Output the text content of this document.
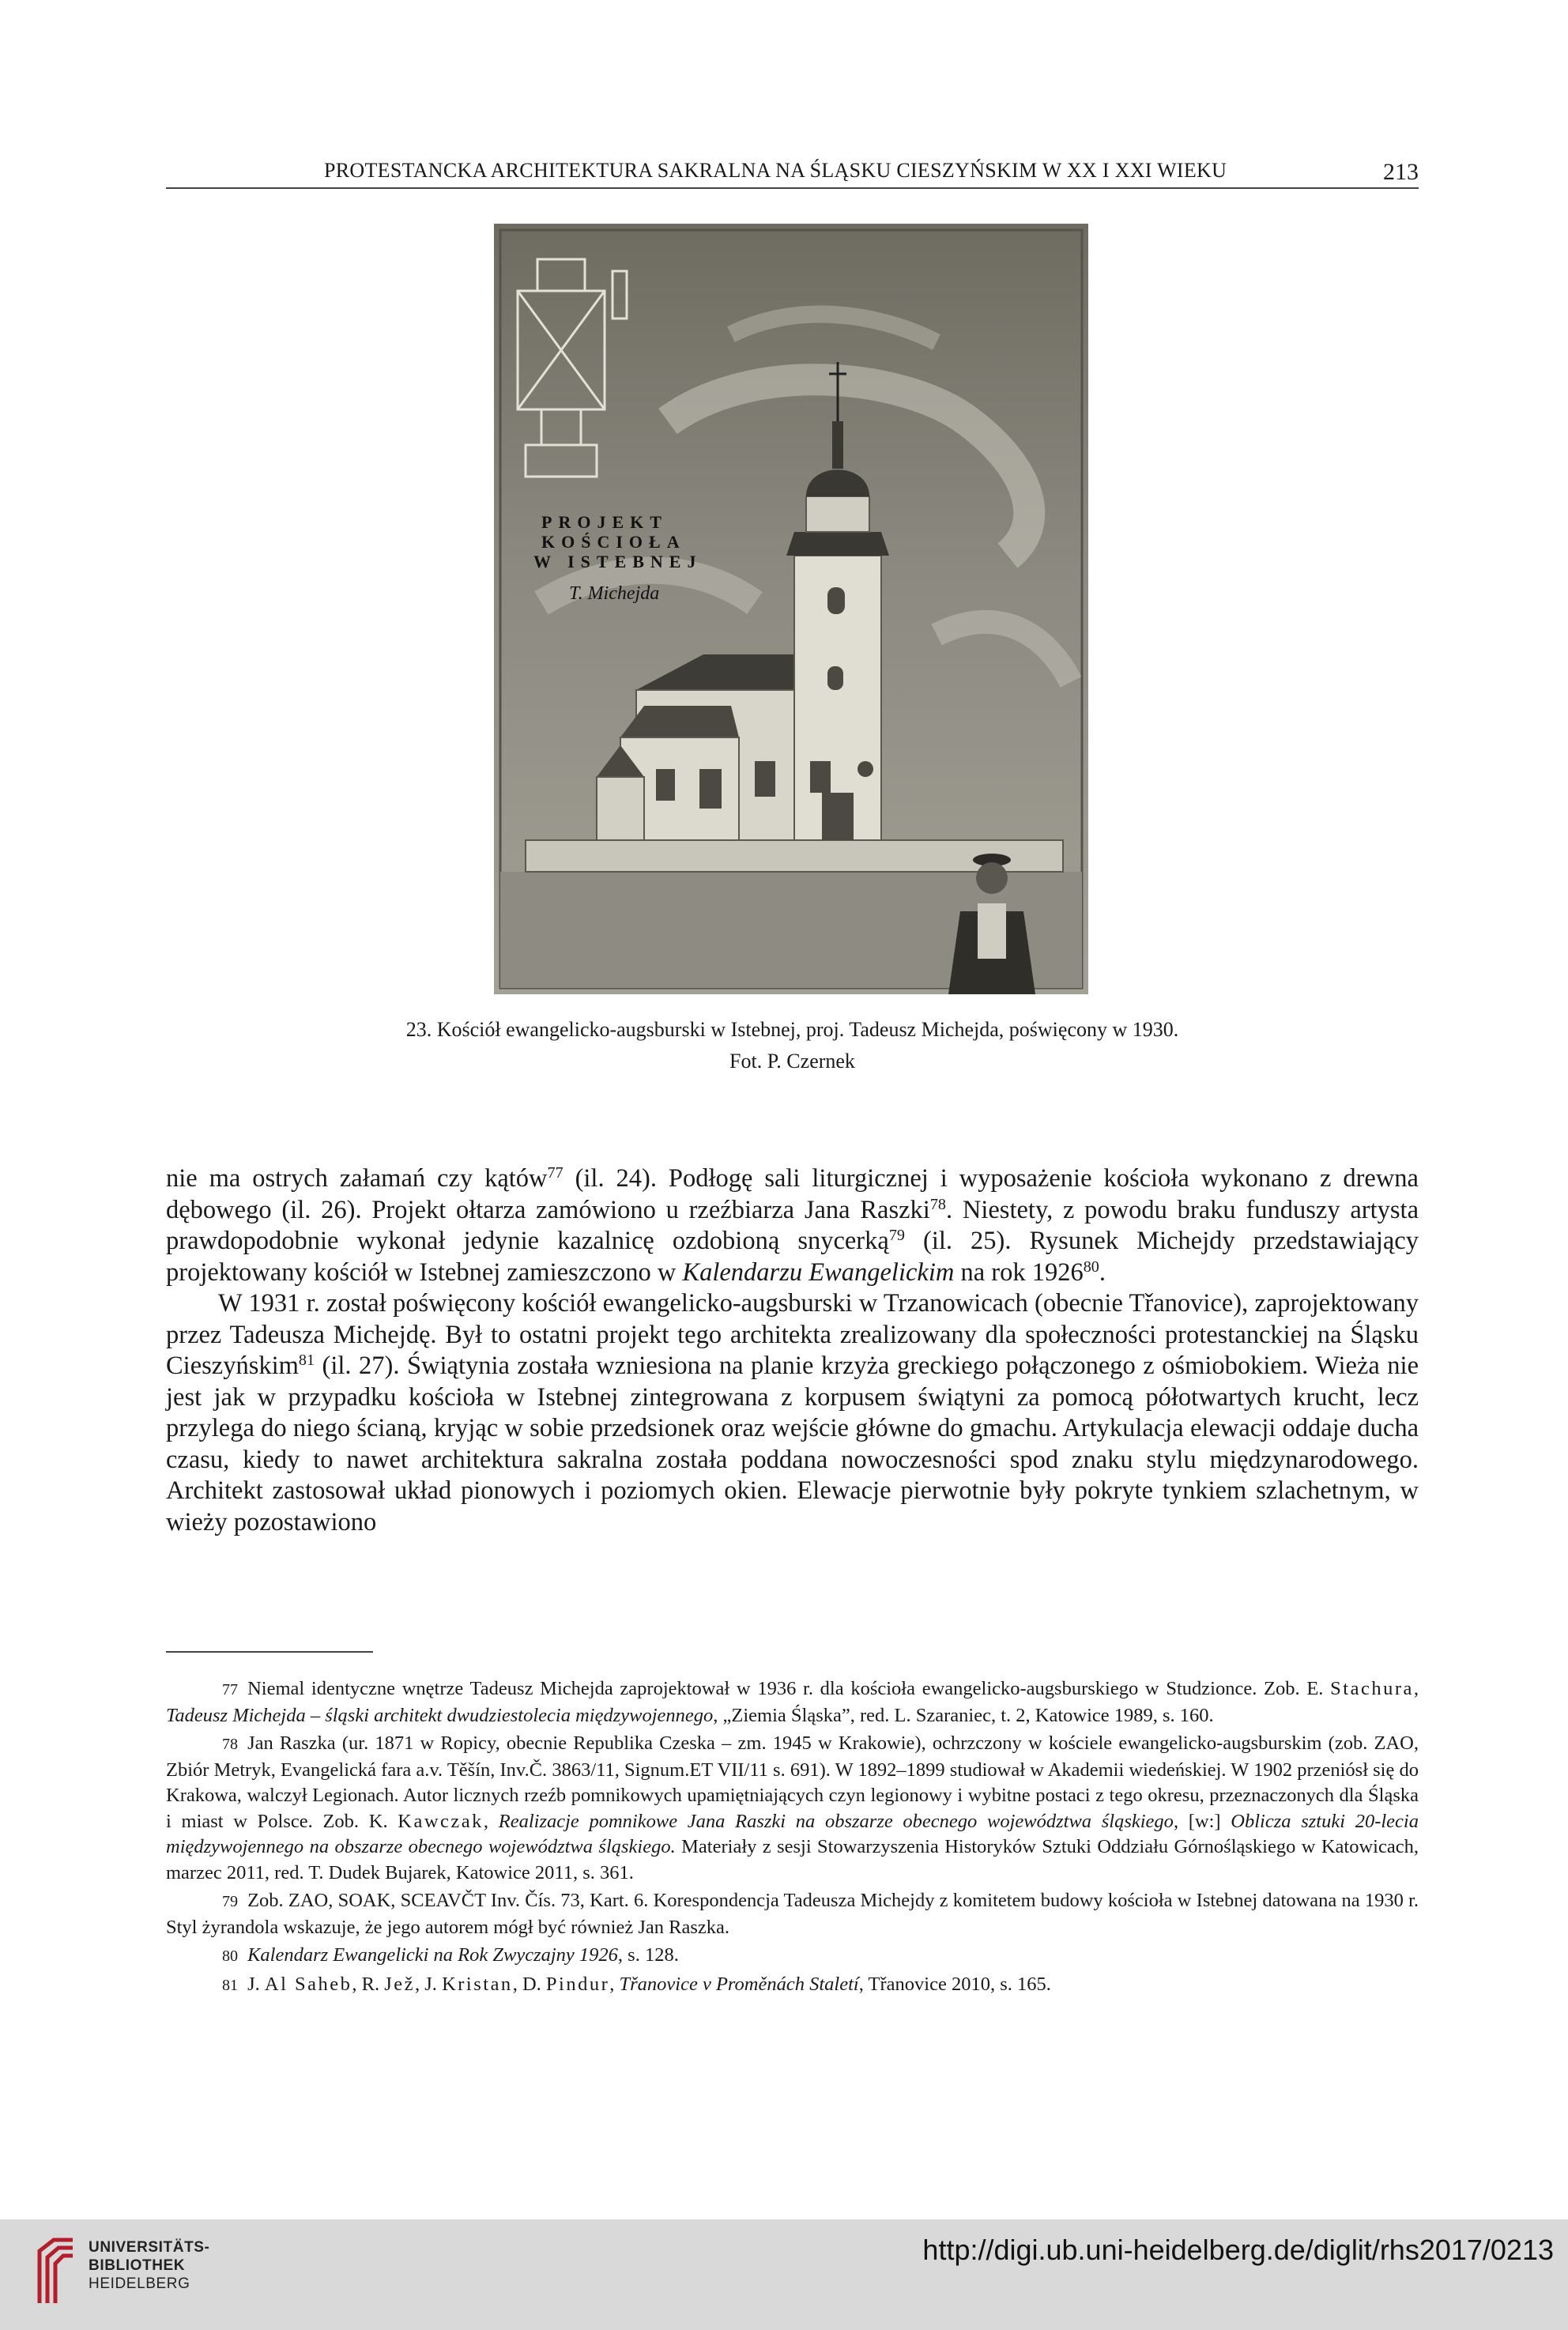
PROTESTANCKA ARCHITEKTURA SAKRALNA NA ŚLĄSKU CIESZYŃSKIM W XX I XXI WIEKU	213
PROJEKT
KOŚCIOŁA
W ISTEBNEJ
T. Michejda
23. Kościół ewangelicko-augsburski w Istebnej, proj. Tadeusz Michejda, poświęcony w 1930.
Fot. P. Czernek

nie ma ostrych załamań czy kątów$^{77}$ (il. 24). Podłogę sali liturgicznej i wyposażenie kościoła wykonano z drewna dębowego (il. 26). Projekt ołtarza zamówiono u rzeźbiarza Jana Raszki$^{78}$. Niestety, z powodu braku funduszy artysta prawdopodobnie wykonał jedynie kazalnicę ozdobioną snycerką$^{79}$ (il. 25). Rysunek Michejdy przedstawiający projektowany kościół w Istebnej zamieszczono w Kalendarzu Ewangelickim na rok 1926$^{80}$.

W 1931 r. został poświęcony kościół ewangelicko-augsburski w Trzanowicach (obecnie Třanovice), zaprojektowany przez Tadeusza Michejdę. Był to ostatni projekt tego architekta zrealizowany dla społeczności protestanckiej na Śląsku Cieszyńskim$^{81}$ (il. 27). Świątynia została wzniesiona na planie krzyża greckiego połączonego z ośmiobokiem. Wieża nie jest jak w przypadku kościoła w Istebnej zintegrowana z korpusem świątyni za pomocą półotwartych krucht, lecz przylega do niego ścianą, kryjąc w sobie przedsionek oraz wejście główne do gmachu. Artykulacja elewacji oddaje ducha czasu, kiedy to nawet architektura sakralna została poddana nowoczesności spod znaku stylu międzynarodowego. Architekt zastosował układ pionowych i poziomych okien. Elewacje pierwotnie były pokryte tynkiem szlachetnym, w wieży pozostawiono

77 Niemal identyczne wnętrze Tadeusz Michejda zaprojektował w 1936 r. dla kościoła ewangelicko-augsburskiego w Studzionce. Zob. E. Stachura, Tadeusz Michejda – śląski architekt dwudziestolecia międzywojennego, „Ziemia Śląska”, red. L. Szaraniec, t. 2, Katowice 1989, s. 160.

78 Jan Raszka (ur. 1871 w Ropicy, obecnie Republika Czeska – zm. 1945 w Krakowie), ochrzczony w kościele ewangelicko-augsburskim (zob. ZAO, Zbiór Metryk, Evangelická fara a.v. Těšín, Inv.Č. 3863/11, Signum.ET VII/11 s. 691). W 1892–1899 studiował w Akademii wiedeńskiej. W 1902 przeniósł się do Krakowa, walczył Legionach. Autor licznych rzeźb pomnikowych upamiętniających czyn legionowy i wybitne postaci z tego okresu, przeznaczonych dla Śląska i miast w Polsce. Zob. K. Kawczak, Realizacje pomnikowe Jana Raszki na obszarze obecnego województwa śląskiego, [w:] Oblicza sztuki 20-lecia międzywojennego na obszarze obecnego województwa śląskiego. Materiały z sesji Stowarzyszenia Historyków Sztuki Oddziału Górnośląskiego w Katowicach, marzec 2011, red. T. Dudek Bujarek, Katowice 2011, s. 361.

79 Zob. ZAO, SOAK, SCEAVČT Inv. Čís. 73, Kart. 6. Korespondencja Tadeusza Michejdy z komitetem budowy kościoła w Istebnej datowana na 1930 r. Styl żyrandola wskazuje, że jego autorem mógł być również Jan Raszka.

80 Kalendarz Ewangelicki na Rok Zwyczajny 1926, s. 128.

81 J. Al Saheb, R. Jež, J. Kristan, D. Pindur, Třanovice v Proměnách Staletí, Třanovice 2010, s. 165.

UNIVERSITÄTS-
BIBLIOTHEK
HEIDELBERG
http://digi.ub.uni-heidelberg.de/diglit/rhs2017/0213
